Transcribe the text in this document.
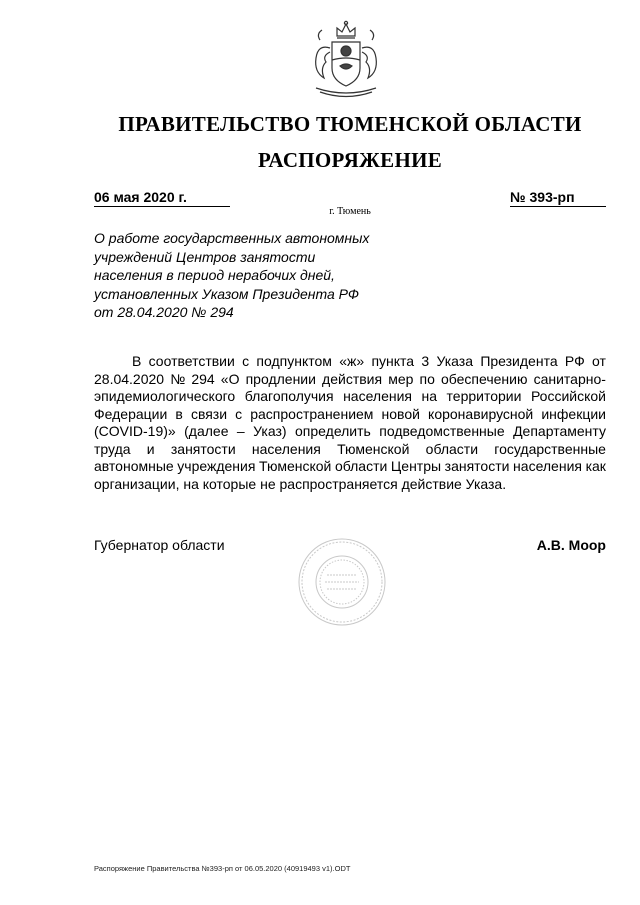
ПРАВИТЕЛЬСТВО ТЮМЕНСКОЙ ОБЛАСТИ
РАСПОРЯЖЕНИЕ
06 мая 2020 г.	№ 393-рп
г. Тюмень
О работе государственных автономных
учреждений Центров занятости
населения в период нерабочих дней,
установленных Указом Президента РФ
от 28.04.2020 № 294
В соответствии с подпунктом «ж» пункта 3 Указа Президента РФ от
28.04.2020 № 294 «О продлении действия мер по обеспечению санитарно-
эпидемиологического благополучия населения на территории Российской
Федерации в связи с распространением новой коронавирусной инфекции
(COVID-19)» (далее – Указ) определить подведомственные Департаменту
труда и занятости населения Тюменской области государственные
автономные учреждения Тюменской области Центры занятости населения как
организации, на которые не распространяется действие Указа.
Губернатор области	А.В. Моор
Распоряжение Правительства №393-рп от 06.05.2020 (40919493 v1).ODT
